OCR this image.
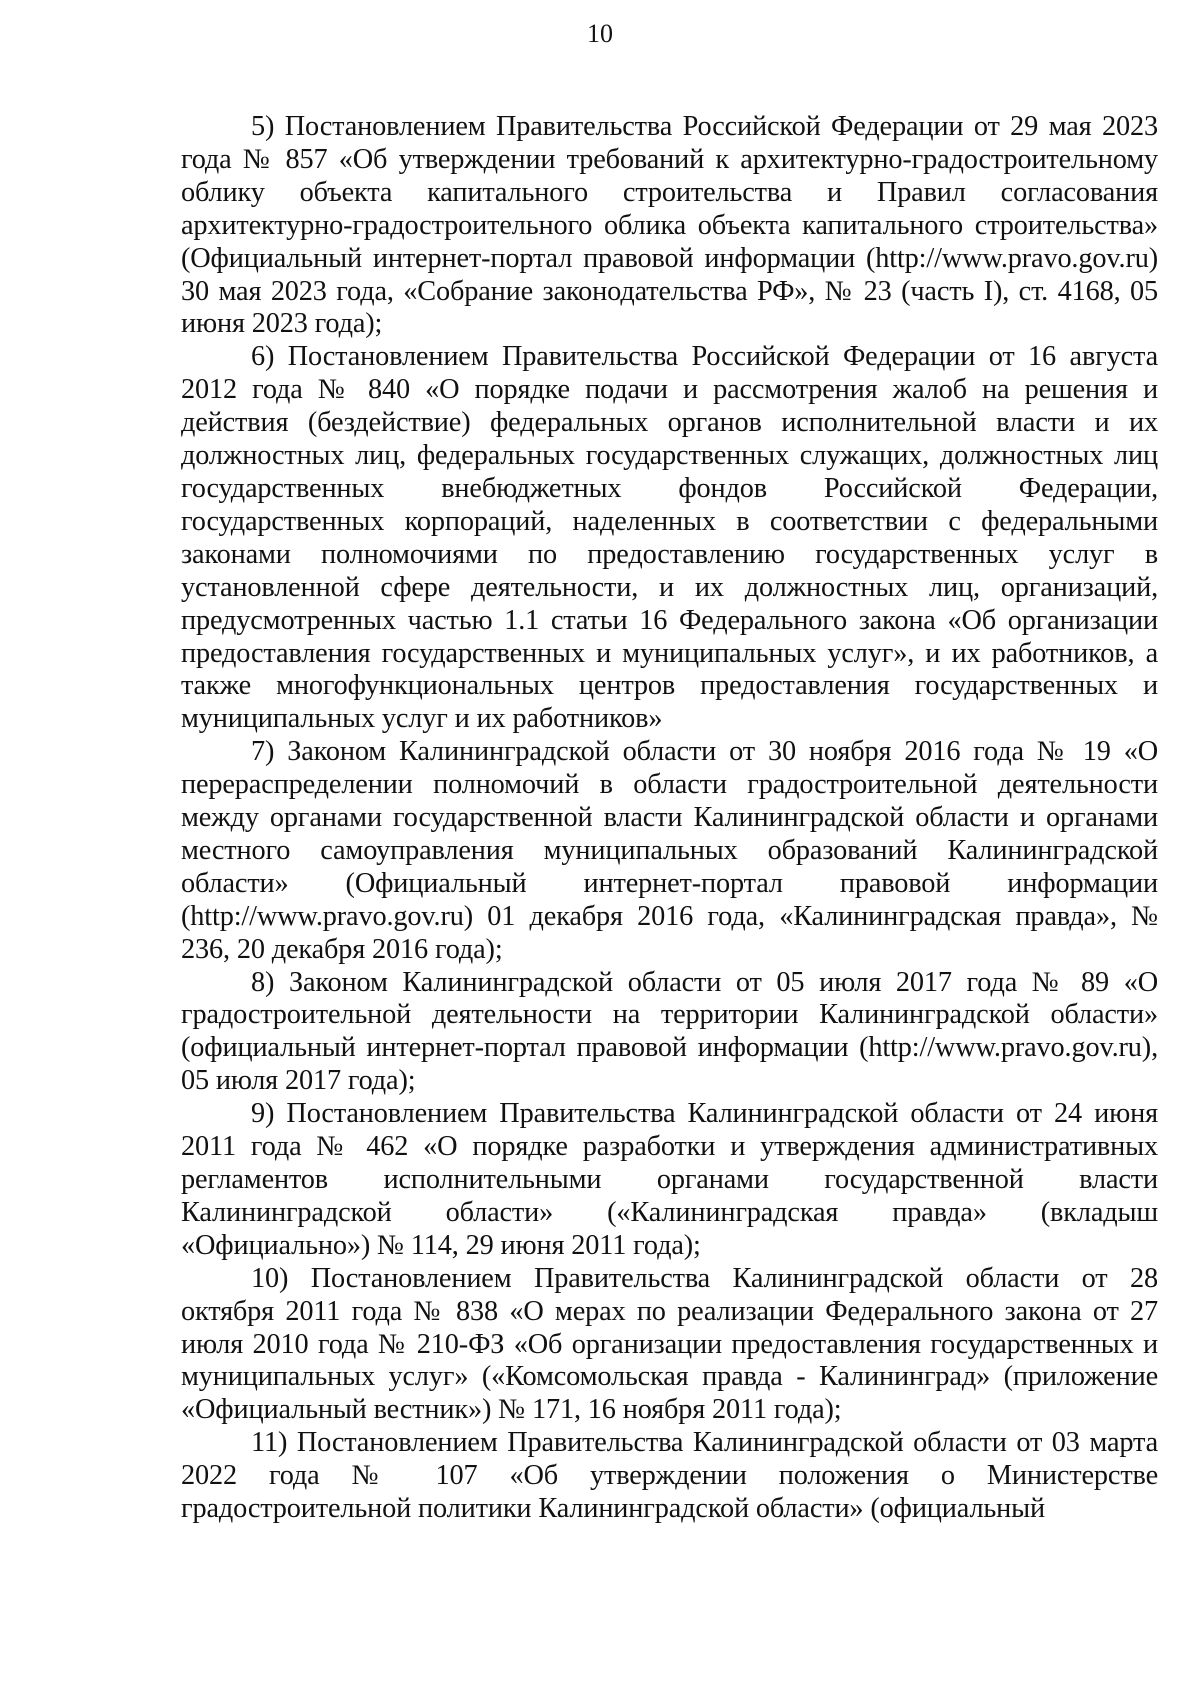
10

5) Постановлением Правительства Российской Федерации от 29 мая 2023 года № 857 «Об утверждении требований к архитектурно-градостроительному облику объекта капитального строительства и Правил согласования архитектурно-градостроительного облика объекта капитального строительства» (Официальный интернет-портал правовой информации (http://www.pravo.gov.ru) 30 мая 2023 года, «Собрание законодательства РФ», № 23 (часть I), ст. 4168, 05 июня 2023 года);

6) Постановлением Правительства Российской Федерации от 16 августа 2012 года № 840 «О порядке подачи и рассмотрения жалоб на решения и действия (бездействие) федеральных органов исполнительной власти и их должностных лиц, федеральных государственных служащих, должностных лиц государственных внебюджетных фондов Российской Федерации, государственных корпораций, наделенных в соответствии с федеральными законами полномочиями по предоставлению государственных услуг в установленной сфере деятельности, и их должностных лиц, организаций, предусмотренных частью 1.1 статьи 16 Федерального закона «Об организации предоставления государственных и муниципальных услуг», и их работников, а также многофункциональных центров предоставления государственных и муниципальных услуг и их работников»

7) Законом Калининградской области от 30 ноября 2016 года № 19 «О перераспределении полномочий в области градостроительной деятельности между органами государственной власти Калининградской области и органами местного самоуправления муниципальных образований Калининградской области» (Официальный интернет-портал правовой информации (http://www.pravo.gov.ru) 01 декабря 2016 года, «Калининградская правда», № 236, 20 декабря 2016 года);

8) Законом Калининградской области от 05 июля 2017 года № 89 «О градостроительной деятельности на территории Калининградской области» (официальный интернет-портал правовой информации (http://www.pravo.gov.ru), 05 июля 2017 года);

9) Постановлением Правительства Калининградской области от 24 июня 2011 года № 462 «О порядке разработки и утверждения административных регламентов исполнительными органами государственной власти Калининградской области» («Калининградская правда» (вкладыш «Официально») № 114, 29 июня 2011 года);

10) Постановлением Правительства Калининградской области от 28 октября 2011 года № 838 «О мерах по реализации Федерального закона от 27 июля 2010 года № 210-ФЗ «Об организации предоставления государственных и муниципальных услуг» («Комсомольская правда - Калининград» (приложение «Официальный вестник») № 171, 16 ноября 2011 года);

11) Постановлением Правительства Калининградской области от 03 марта 2022 года № 107 «Об утверждении положения о Министерстве градостроительной политики Калининградской области» (официальный
